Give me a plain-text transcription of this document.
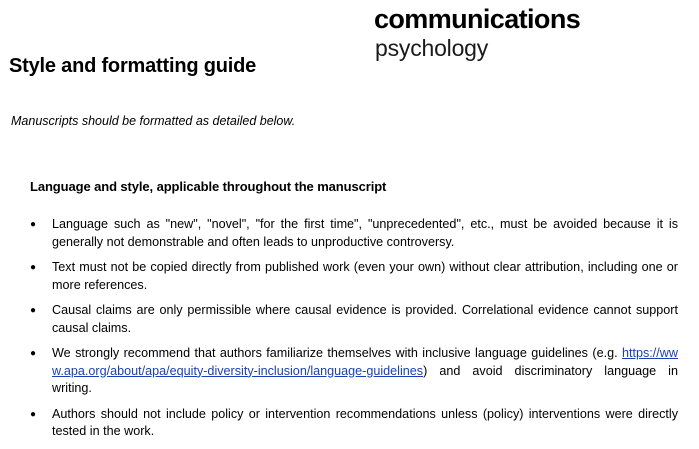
Style and formatting guide
communications
psychology
Manuscripts should be formatted as detailed below.
Language and style, applicable throughout the manuscript
● Language such as "new", "novel", "for the first time", "unprecedented", etc., must be avoided because it is generally not demonstrable and often leads to unproductive controversy.
● Text must not be copied directly from published work (even your own) without clear attribution, including one or more references.
● Causal claims are only permissible where causal evidence is provided. Correlational evidence cannot support causal claims.
● We strongly recommend that authors familiarize themselves with inclusive language guidelines (e.g. https://www.apa.org/about/apa/equity-diversity-inclusion/language-guidelines) and avoid discriminatory language in writing.
● Authors should not include policy or intervention recommendations unless (policy) interventions were directly tested in the work.
